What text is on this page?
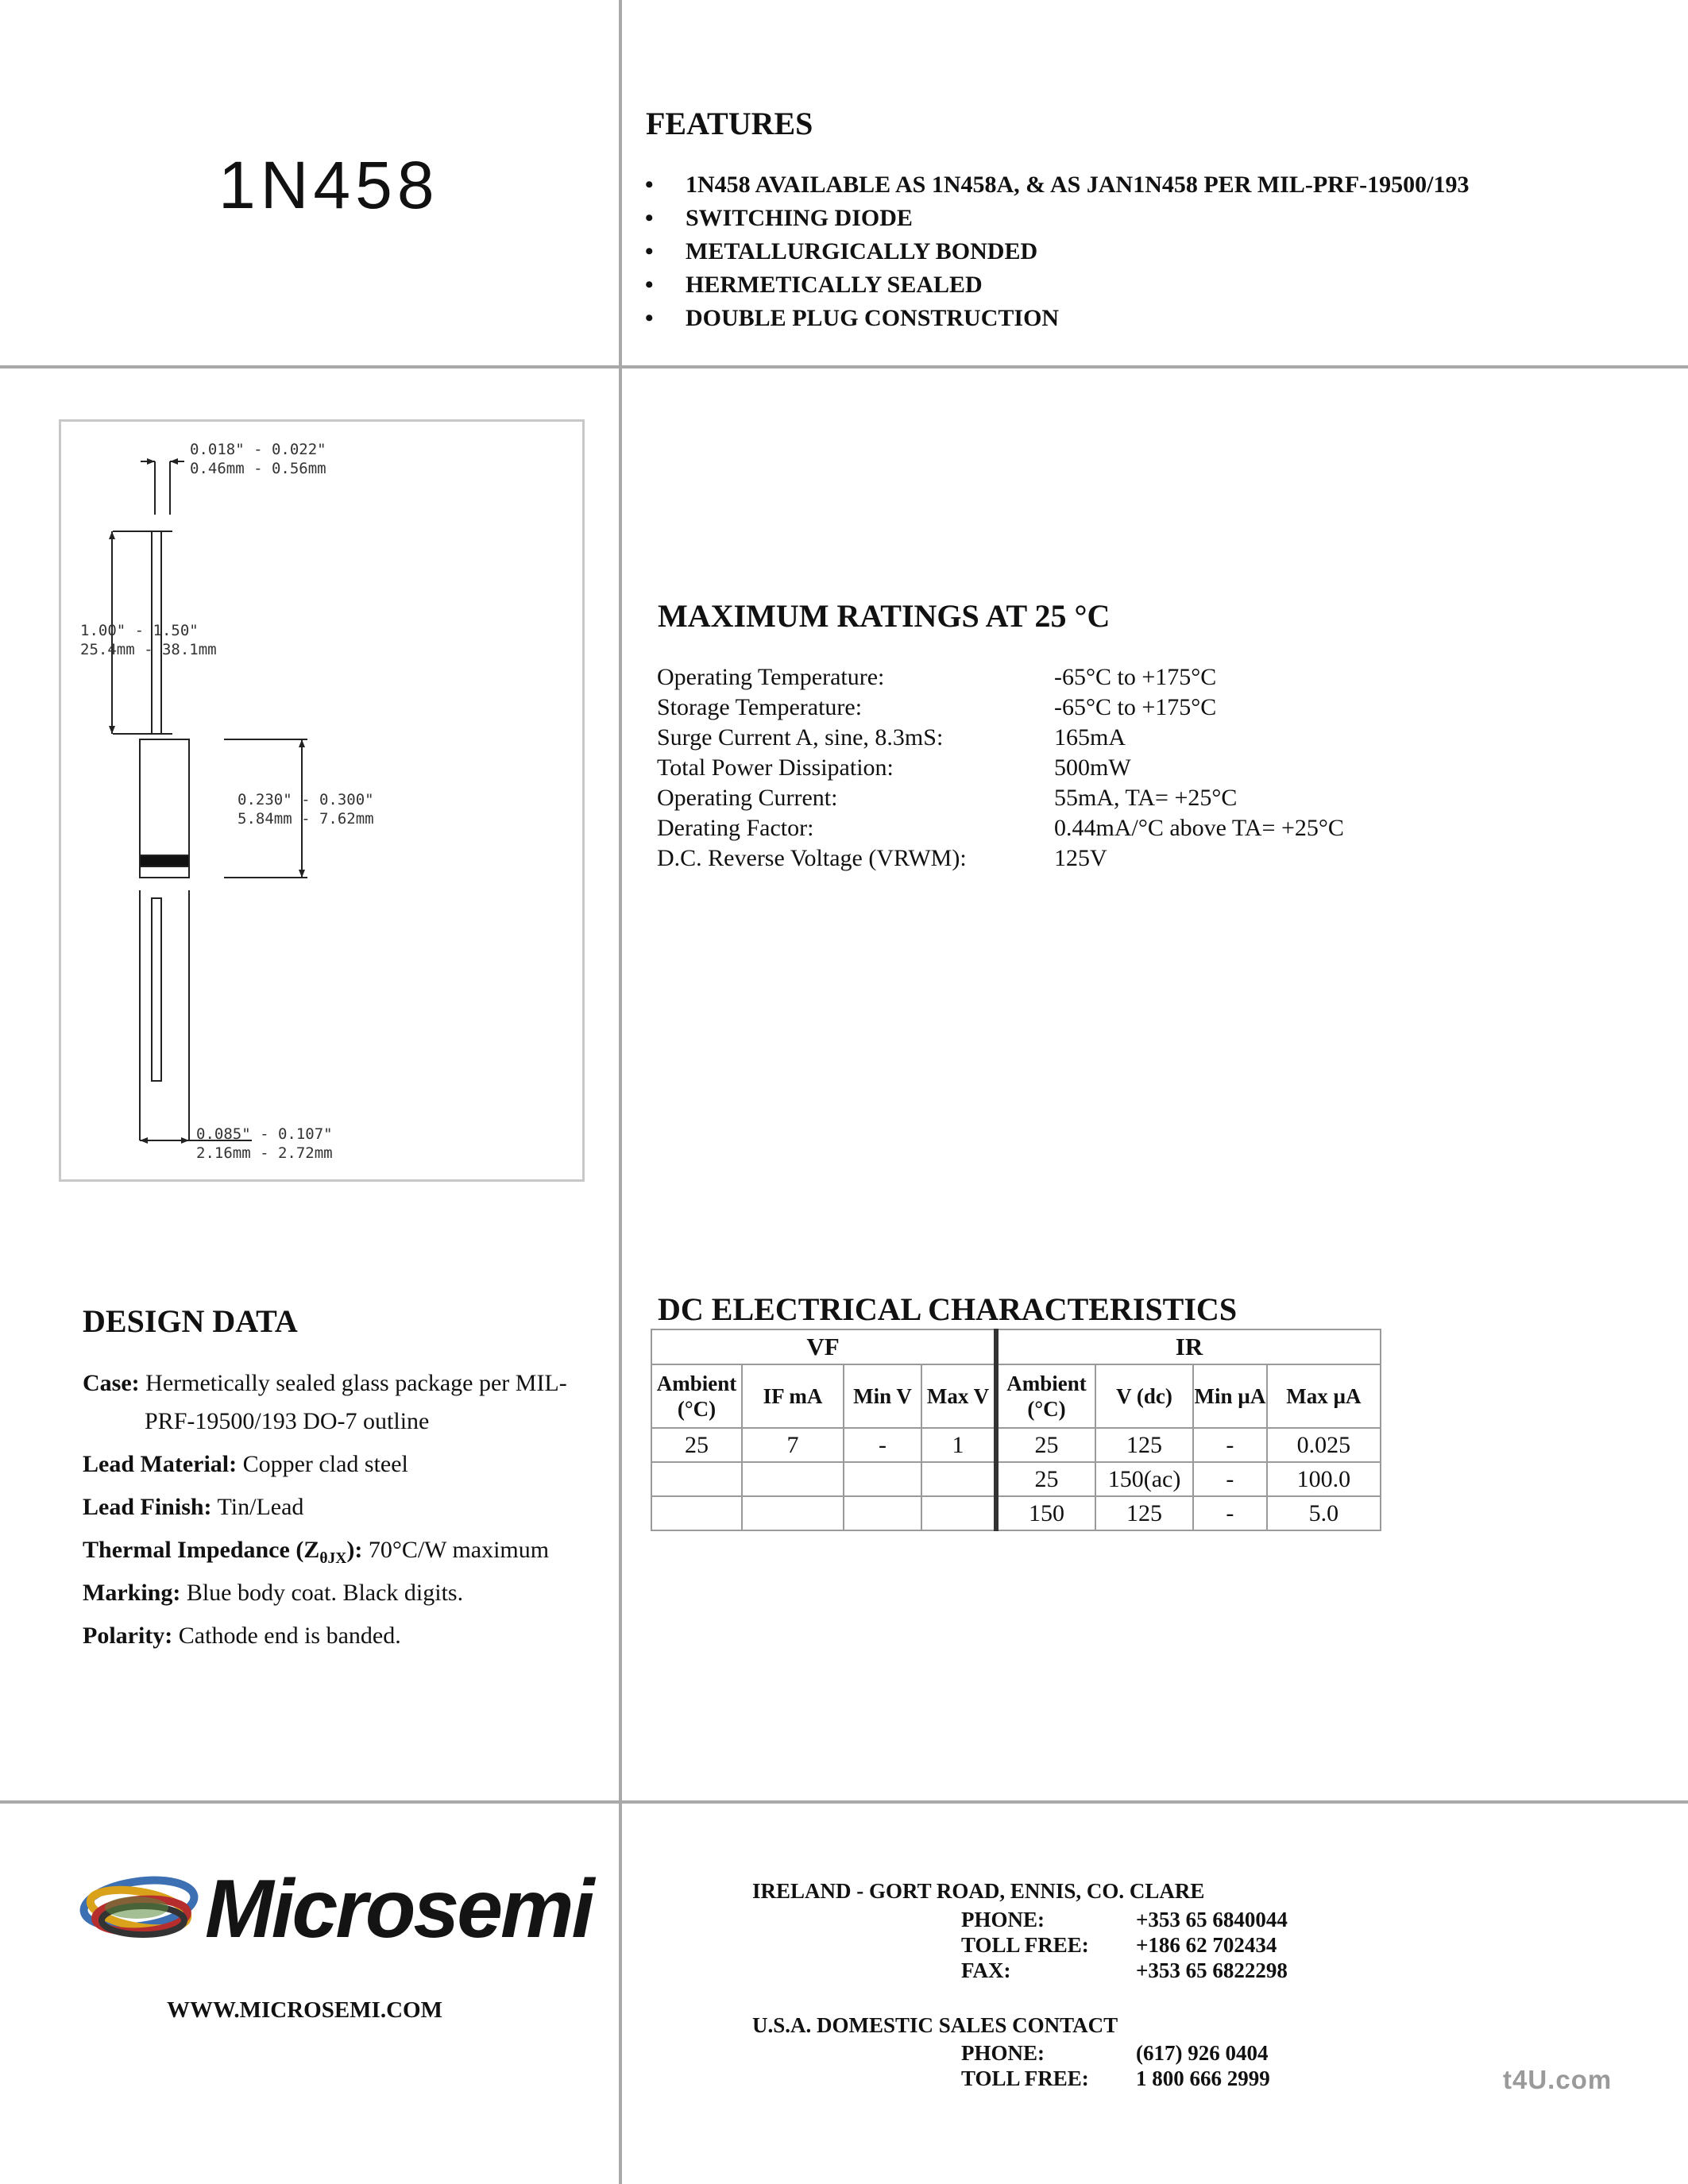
1N458
FEATURES
• 1N458 AVAILABLE AS 1N458A, & AS JAN1N458 PER MIL-PRF-19500/193
• SWITCHING DIODE
• METALLURGICALLY BONDED
• HERMETICALLY SEALED
• DOUBLE PLUG CONSTRUCTION
0.018" - 0.022"
0.46mm - 0.56mm
1.00" - 1.50"
25.4mm - 38.1mm
0.230" - 0.300"
5.84mm - 7.62mm
0.085" - 0.107"
2.16mm - 2.72mm
MAXIMUM RATINGS AT 25 °C
Operating Temperature:	-65°C to +175°C
Storage Temperature:	-65°C to +175°C
Surge Current A, sine, 8.3mS:	165mA
Total Power Dissipation:	500mW
Operating Current:	55mA, TA= +25°C
Derating Factor:	0.44mA/°C above TA= +25°C
D.C. Reverse Voltage (VRWM):	125V
DC ELECTRICAL CHARACTERISTICS
VF				IR			
Ambient (°C)	IF mA	Min V	Max V	Ambient (°C)	V (dc)	Min µA	Max µA
25	7	-	1	25	125	-	0.025
				25	150(ac)	-	100.0
				150	125	-	5.0
DESIGN DATA

Case: Hermetically sealed glass package per MIL-

PRF-19500/193 DO-7 outline

Lead Material: Copper clad steel

Lead Finish: Tin/Lead

Thermal Impedance $(Z_{\theta JX})$: 70°C/W maximum

Marking: Blue body coat. Black digits.

Polarity: Cathode end is banded.

Microsemi
WWW.MICROSEMI.COM
IRELAND - GORT ROAD, ENNIS, CO. CLARE
PHONE:	+353 65 6840044
TOLL FREE: +186 62 702434
FAX:	+353 65 6822298
U.S.A. DOMESTIC SALES CONTACT
PHONE:	(617) 926 0404
TOLL FREE: 1 800 666 2999	t4U.com
